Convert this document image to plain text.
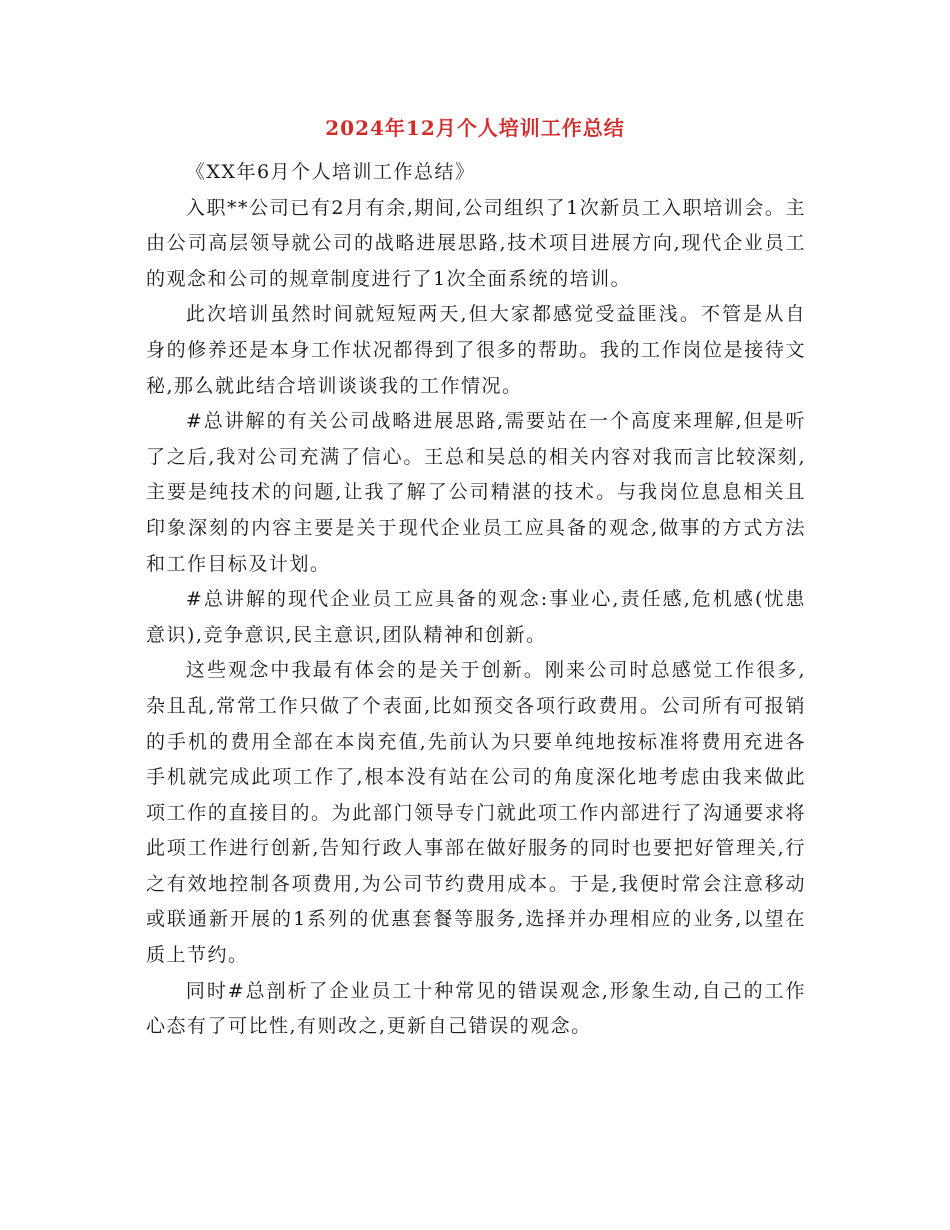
2024年12月个人培训工作总结

《XX年6月个人培训工作总结》

入职**公司已有2月有余,期间,公司组织了1次新员工入职培训会。主由公司高层领导就公司的战略进展思路,技术项目进展方向,现代企业员工的观念和公司的规章制度进行了1次全面系统的培训。

此次培训虽然时间就短短两天,但大家都感觉受益匪浅。不管是从自身的修养还是本身工作状况都得到了很多的帮助。我的工作岗位是接待文秘,那么就此结合培训谈谈我的工作情况。

#总讲解的有关公司战略进展思路,需要站在一个高度来理解,但是听了之后,我对公司充满了信心。王总和吴总的相关内容对我而言比较深刻,主要是纯技术的问题,让我了解了公司精湛的技术。与我岗位息息相关且印象深刻的内容主要是关于现代企业员工应具备的观念,做事的方式方法和工作目标及计划。

#总讲解的现代企业员工应具备的观念:事业心,责任感,危机感(忧患意识),竞争意识,民主意识,团队精神和创新。

这些观念中我最有体会的是关于创新。刚来公司时总感觉工作很多,杂且乱,常常工作只做了个表面,比如预交各项行政费用。公司所有可报销的手机的费用全部在本岗充值,先前认为只要单纯地按标准将费用充进各手机就完成此项工作了,根本没有站在公司的角度深化地考虑由我来做此项工作的直接目的。为此部门领导专门就此项工作内部进行了沟通要求将此项工作进行创新,告知行政人事部在做好服务的同时也要把好管理关,行之有效地控制各项费用,为公司节约费用成本。于是,我便时常会注意移动或联通新开展的1系列的优惠套餐等服务,选择并办理相应的业务,以望在质上节约。

同时#总剖析了企业员工十种常见的错误观念,形象生动,自己的工作心态有了可比性,有则改之,更新自己错误的观念。
